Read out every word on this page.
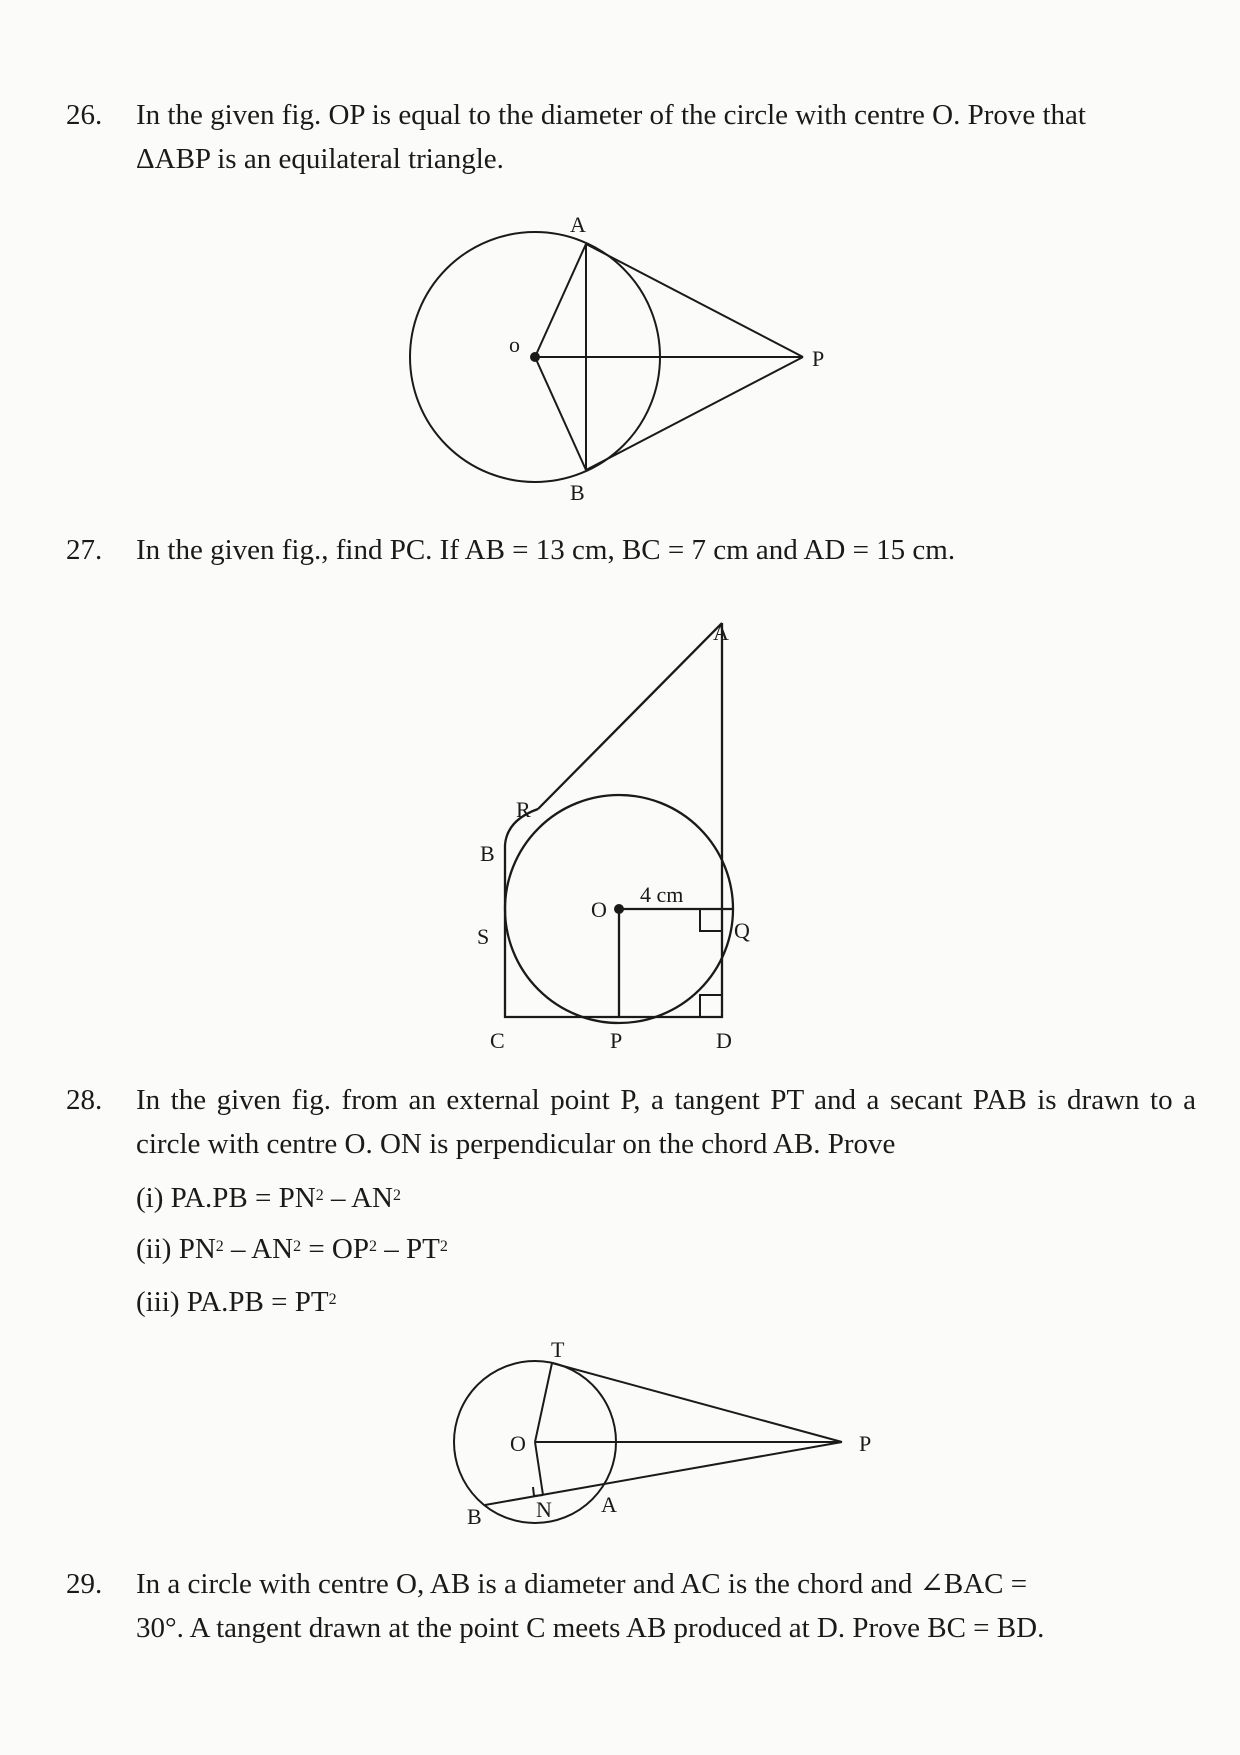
26.	In the given fig. OP is equal to the diameter of the circle with centre O. Prove that
ΔABP is an equilateral triangle.
A
B
o
P
27.	In the given fig., find PC. If AB = 13 cm, BC = 7 cm and AD = 15 cm.
A
R
B
O
4 cm
Q
S
C	P	D
28.	In the given fig. from an external point P, a tangent PT and a secant PAB is drawn to a circle with centre O. ON is perpendicular on the chord AB. Prove
(i) $PA.PB = PN^2 - AN^2$
(ii) $PN^2 - AN^2 = OP^2 - PT^2$
(iii) $PA.PB = PT^2$
T
O	P
B N A
29.	In a circle with centre O, AB is a diameter and AC is the chord and ∠BAC =
30°. A tangent drawn at the point C meets AB produced at D. Prove BC = BD.
